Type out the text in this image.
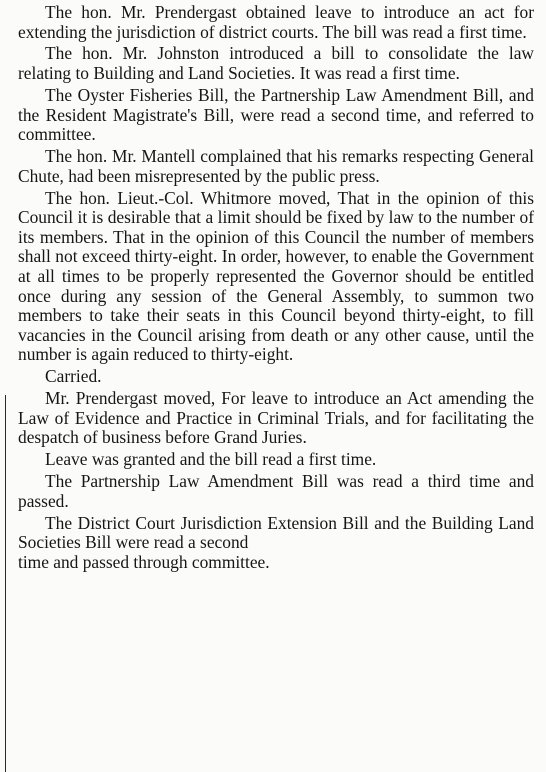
The hon. Mr. Prendergast obtained leave to introduce an act for extending the jurisdiction of district courts. The bill was read a first time.

The hon. Mr. Johnston introduced a bill to consolidate the law relating to Building and Land Societies. It was read a first time.

The Oyster Fisheries Bill, the Partnership Law Amendment Bill, and the Resident Magistrate's Bill, were read a second time, and referred to committee.

The hon. Mr. Mantell complained that his remarks respecting General Chute, had been misrepresented by the public press.

The hon. Lieut.-Col. Whitmore moved, That in the opinion of this Council it is desirable that a limit should be fixed by law to the number of its members. That in the opinion of this Council the number of members shall not exceed thirty-eight. In order, however, to enable the Government at all times to be properly represented the Governor should be entitled once during any session of the General Assembly, to summon two members to take their seats in this Council beyond thirty-eight, to fill vacancies in the Council arising from death or any other cause, until the number is again reduced to thirty-eight.

Carried.

Mr. Prendergast moved, For leave to introduce an Act amending the Law of Evidence and Practice in Criminal Trials, and for facilitating the despatch of business before Grand Juries.

Leave was granted and the bill read a first time.

The Partnership Law Amendment Bill was read a third time and passed.

The District Court Jurisdiction Extension Bill and the Building Land Societies Bill were read a second

time and passed through committee.
